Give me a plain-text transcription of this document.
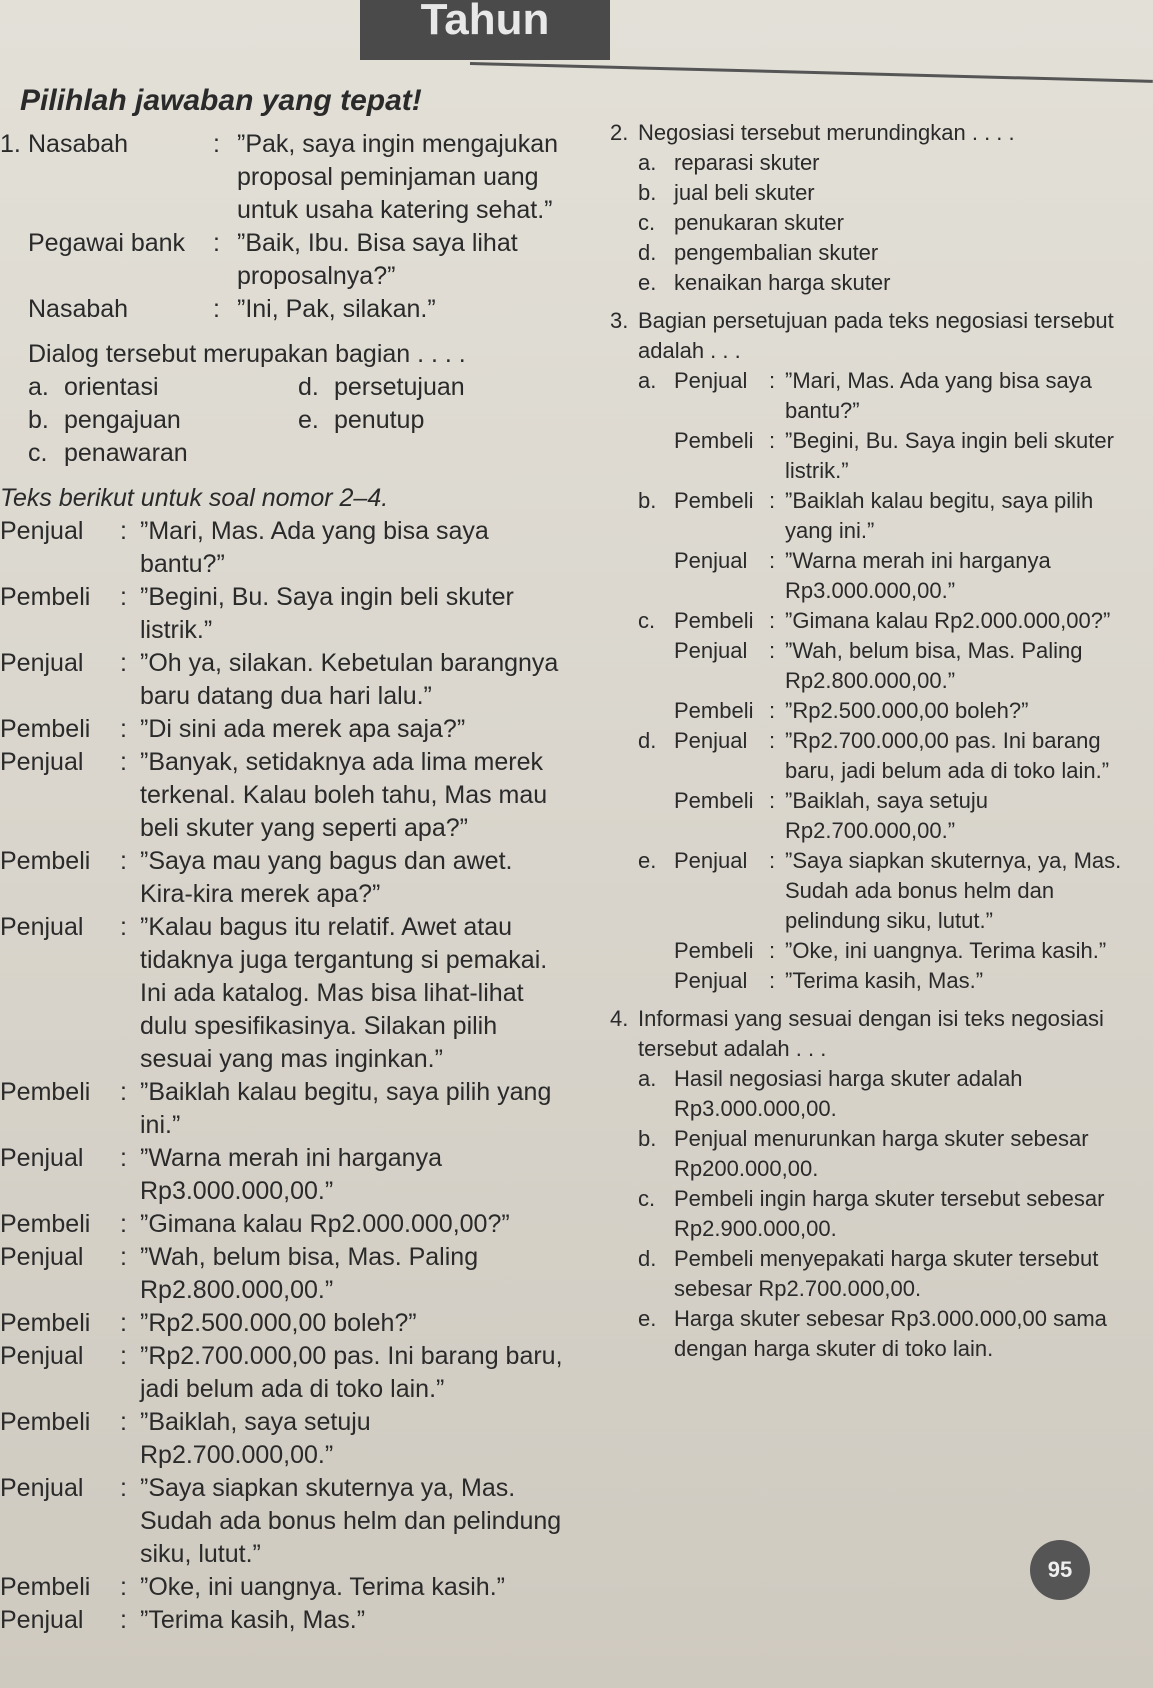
Tahun
Pilihlah jawaban yang tepat!
1. Nasabah	: ”Pak, saya ingin mengajukan proposal peminjaman uang untuk usaha katering sehat.”
Pegawai bank	: ”Baik, Ibu. Bisa saya lihat proposalnya?”
Nasabah	: ”Ini, Pak, silakan.”
Dialog tersebut merupakan bagian . . . .
a. orientasi	d. persetujuan
b. pengajuan	e. penutup
c. penawaran
Teks berikut untuk soal nomor 2–4.
Penjual	: ”Mari, Mas. Ada yang bisa saya bantu?”
Pembeli	: ”Begini, Bu. Saya ingin beli skuter listrik.”
Penjual	: ”Oh ya, silakan. Kebetulan barangnya baru datang dua hari lalu.”
Pembeli	: ”Di sini ada merek apa saja?”
Penjual	: ”Banyak, setidaknya ada lima merek terkenal. Kalau boleh tahu, Mas mau beli skuter yang seperti apa?”
Pembeli	: ”Saya mau yang bagus dan awet. Kira-kira merek apa?”
Penjual	: ”Kalau bagus itu relatif. Awet atau tidaknya juga tergantung si pemakai. Ini ada katalog. Mas bisa lihat-lihat dulu spesifikasinya. Silakan pilih sesuai yang mas inginkan.”
Pembeli	: ”Baiklah kalau begitu, saya pilih yang ini.”
Penjual	: ”Warna merah ini harganya Rp3.000.000,00.”
Pembeli	: ”Gimana kalau Rp2.000.000,00?”
Penjual	: ”Wah, belum bisa, Mas. Paling Rp2.800.000,00.”
Pembeli	: ”Rp2.500.000,00 boleh?”
Penjual	: ”Rp2.700.000,00 pas. Ini barang baru, jadi belum ada di toko lain.”
Pembeli	: ”Baiklah, saya setuju Rp2.700.000,00.”
Penjual	: ”Saya siapkan skuternya ya, Mas. Sudah ada bonus helm dan pelindung siku, lutut.”
Pembeli	: ”Oke, ini uangnya. Terima kasih.”
Penjual	: ”Terima kasih, Mas.”
2. Negosiasi tersebut merundingkan . . . .
a. reparasi skuter
b. jual beli skuter
c. penukaran skuter
d. pengembalian skuter
e. kenaikan harga skuter
3. Bagian persetujuan pada teks negosiasi tersebut adalah . . .
a. Penjual : ”Mari, Mas. Ada yang bisa saya bantu?”
Pembeli : ”Begini, Bu. Saya ingin beli skuter listrik.”
b. Pembeli : ”Baiklah kalau begitu, saya pilih yang ini.”
Penjual : ”Warna merah ini harganya Rp3.000.000,00.”
c. Pembeli : ”Gimana kalau Rp2.000.000,00?”
Penjual : ”Wah, belum bisa, Mas. Paling Rp2.800.000,00.”
Pembeli : ”Rp2.500.000,00 boleh?”
d. Penjual : ”Rp2.700.000,00 pas. Ini barang baru, jadi belum ada di toko lain.”
Pembeli : ”Baiklah, saya setuju Rp2.700.000,00.”
e. Penjual : ”Saya siapkan skuternya, ya, Mas. Sudah ada bonus helm dan pelindung siku, lutut.”
Pembeli : ”Oke, ini uangnya. Terima kasih.”
Penjual : ”Terima kasih, Mas.”
4. Informasi yang sesuai dengan isi teks negosiasi tersebut adalah . . .
a. Hasil negosiasi harga skuter adalah Rp3.000.000,00.
b. Penjual menurunkan harga skuter sebesar Rp200.000,00.
c. Pembeli ingin harga skuter tersebut sebesar Rp2.900.000,00.
d. Pembeli menyepakati harga skuter tersebut sebesar Rp2.700.000,00.
e. Harga skuter sebesar Rp3.000.000,00 sama dengan harga skuter di toko lain.
95
